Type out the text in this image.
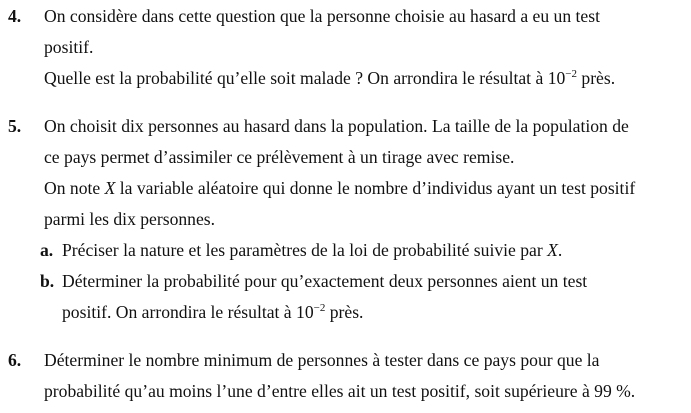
4. On considère dans cette question que la personne choisie au hasard a eu un test
positif.
Quelle est la probabilité qu’elle soit malade ? On arrondira le résultat à $10^{-2}$ près.
5. On choisit dix personnes au hasard dans la population. La taille de la population de
ce pays permet d’assimiler ce prélèvement à un tirage avec remise.
On note X la variable aléatoire qui donne le nombre d’individus ayant un test positif
parmi les dix personnes.
a. Préciser la nature et les paramètres de la loi de probabilité suivie par X.
b. Déterminer la probabilité pour qu’exactement deux personnes aient un test
positif. On arrondira le résultat à $10^{-2}$ près.
6. Déterminer le nombre minimum de personnes à tester dans ce pays pour que la
probabilité qu’au moins l’une d’entre elles ait un test positif, soit supérieure à 99 %.
